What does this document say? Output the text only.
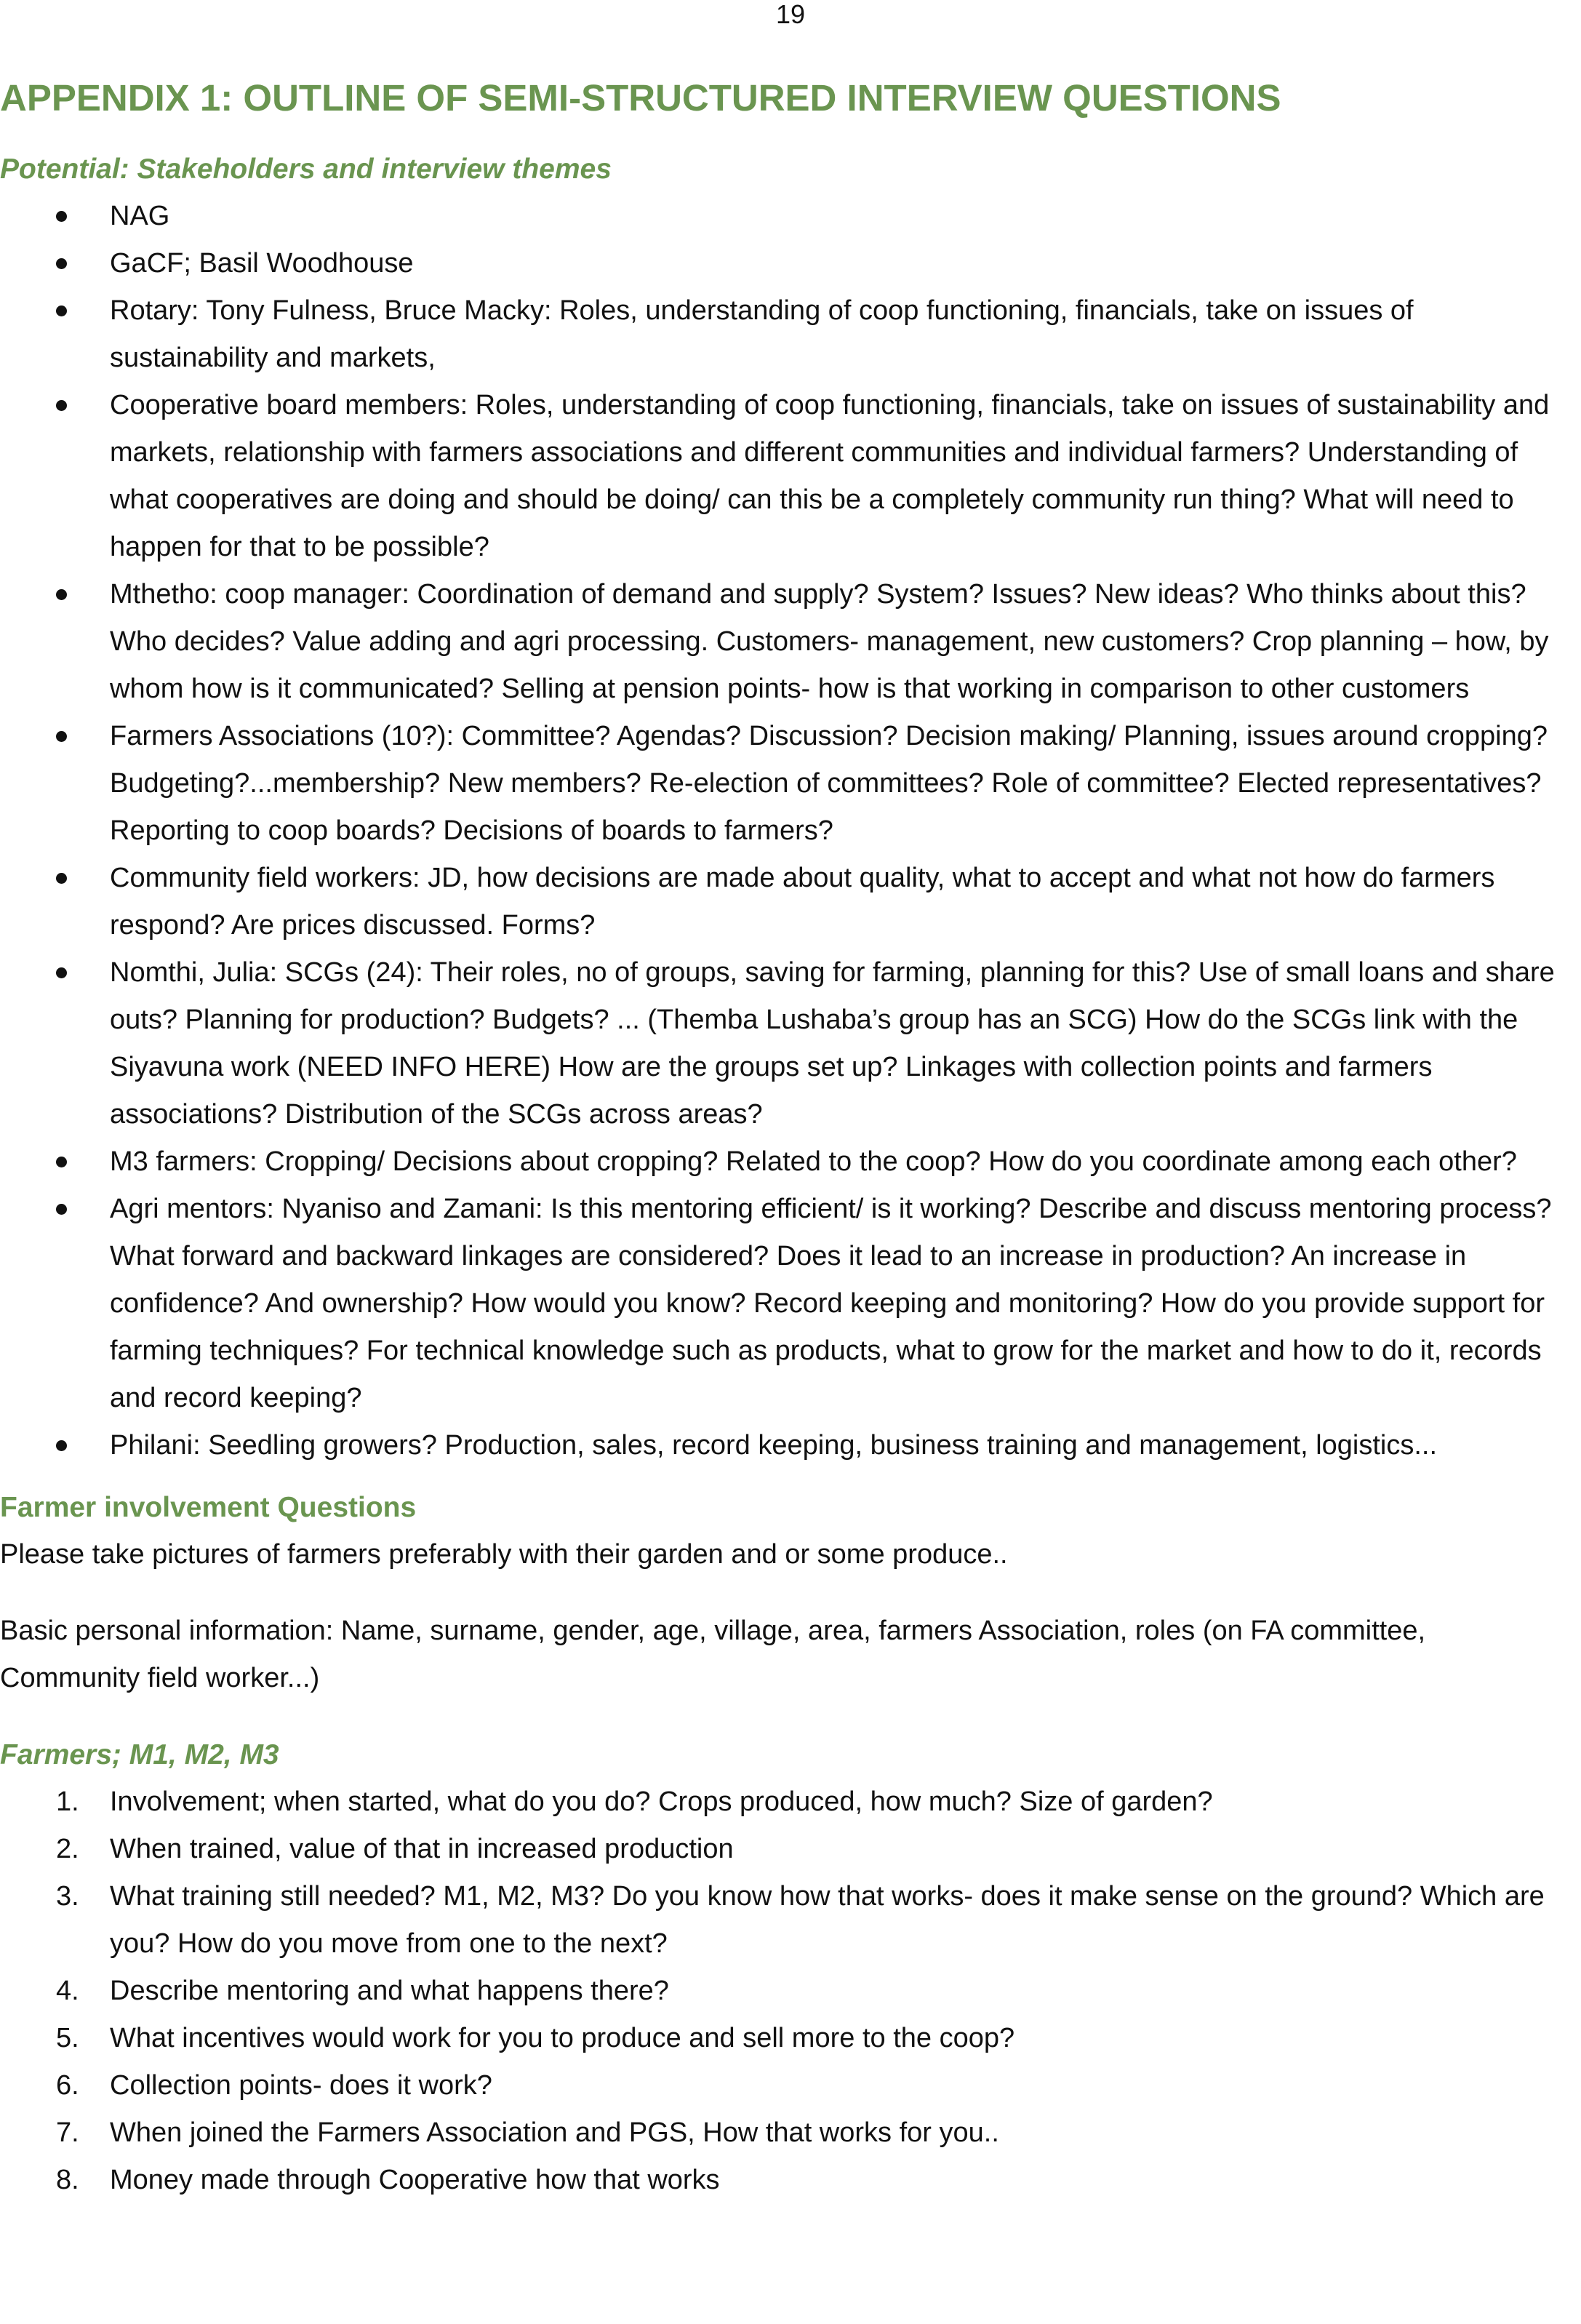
19
APPENDIX 1: OUTLINE OF SEMI-STRUCTURED INTERVIEW QUESTIONS
Potential: Stakeholders and interview themes
NAG
GaCF; Basil Woodhouse
Rotary: Tony Fulness, Bruce Macky: Roles, understanding of coop functioning, financials, take on issues of sustainability and markets,
Cooperative board members: Roles, understanding of coop functioning, financials, take on issues of sustainability and markets, relationship with farmers associations and different communities and individual farmers? Understanding of what cooperatives are doing and should be doing/ can this be a completely community run thing? What will need to happen for that to be possible?
Mthetho: coop manager: Coordination of demand and supply? System? Issues? New ideas? Who thinks about this? Who decides? Value adding and agri processing. Customers- management, new customers? Crop planning – how, by whom how is it communicated? Selling at pension points- how is that working in comparison to other customers
Farmers Associations (10?): Committee? Agendas? Discussion? Decision making/ Planning, issues around cropping? Budgeting?...membership? New members? Re-election of committees? Role of committee? Elected representatives? Reporting to coop boards? Decisions of boards to farmers?
Community field workers: JD, how decisions are made about quality, what to accept and what not how do farmers respond? Are prices discussed. Forms?
Nomthi, Julia: SCGs (24): Their roles, no of groups, saving for farming, planning for this? Use of small loans and share outs? Planning for production? Budgets? ... (Themba Lushaba’s group has an SCG) How do the SCGs link with the Siyavuna work (NEED INFO HERE) How are the groups set up? Linkages with collection points and farmers associations? Distribution of the SCGs across areas?
M3 farmers: Cropping/ Decisions about cropping? Related to the coop? How do you coordinate among each other?
Agri mentors: Nyaniso and Zamani: Is this mentoring efficient/ is it working? Describe and discuss mentoring process? What forward and backward linkages are considered? Does it lead to an increase in production? An increase in confidence? And ownership? How would you know? Record keeping and monitoring? How do you provide support for farming techniques? For technical knowledge such as products, what to grow for the market and how to do it, records and record keeping?
Philani: Seedling growers? Production, sales, record keeping, business training and management, logistics...
Farmer involvement Questions

Please take pictures of farmers preferably with their garden and or some produce..

Basic personal information: Name, surname, gender, age, village, area, farmers Association, roles (on FA committee, Community field worker...)

Farmers; M1, M2, M3
1. Involvement; when started, what do you do? Crops produced, how much? Size of garden?
2. When trained, value of that in increased production
3. What training still needed? M1, M2, M3? Do you know how that works- does it make sense on the ground? Which are you? How do you move from one to the next?
4. Describe mentoring and what happens there?
5. What incentives would work for you to produce and sell more to the coop?
6. Collection points- does it work?
7. When joined the Farmers Association and PGS, How that works for you..
8. Money made through Cooperative how that works
